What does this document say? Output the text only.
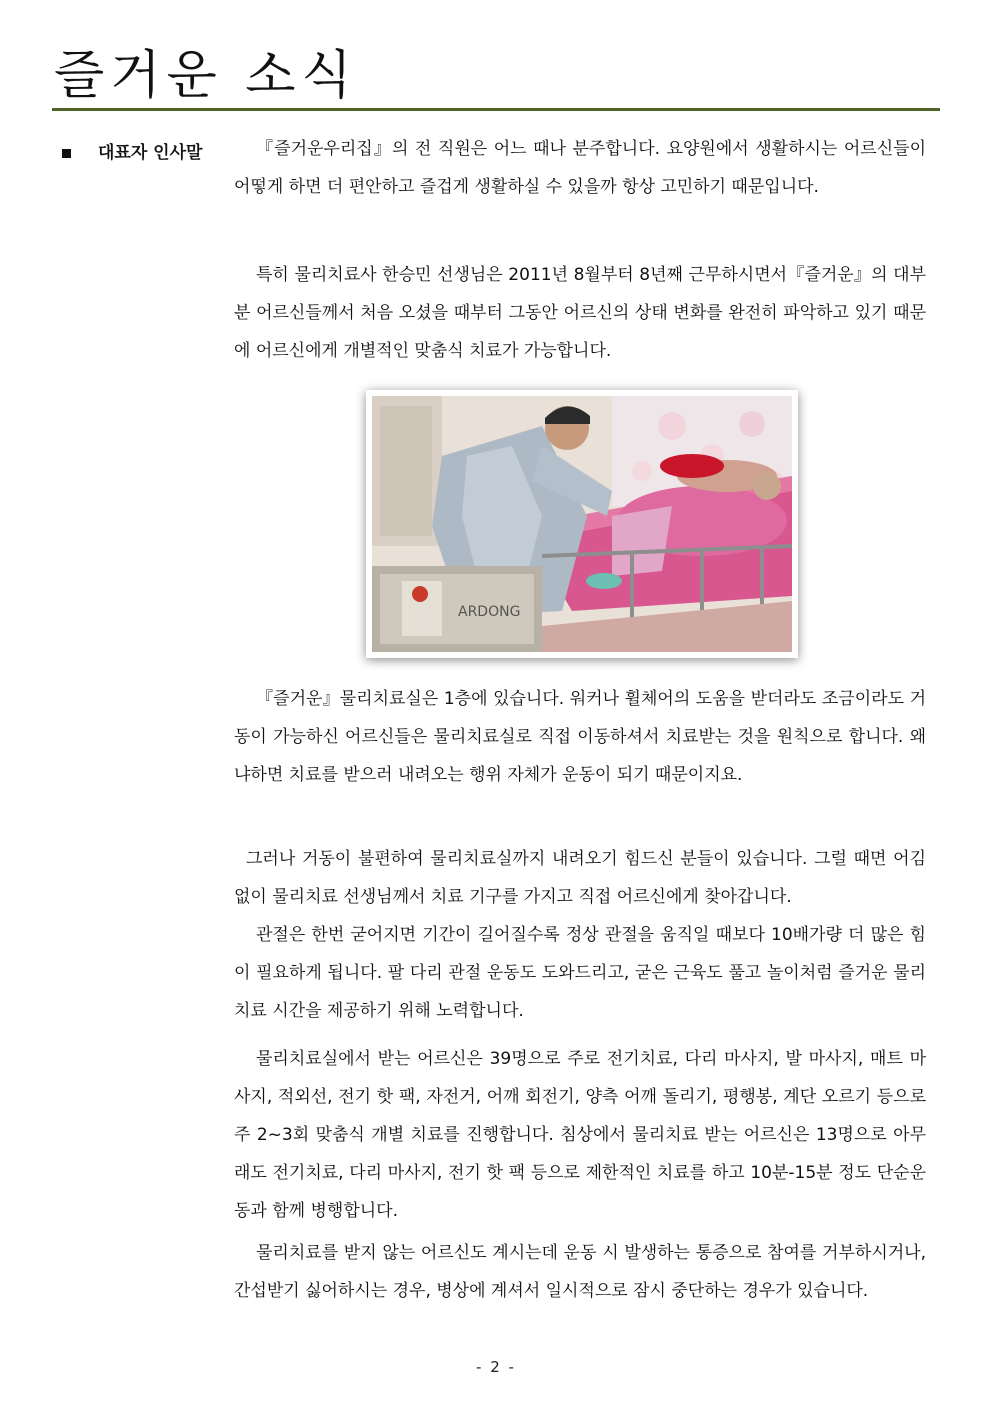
즐거운 소식
대표자 인사말	『즐거운우리집』의 전 직원은 어느 때나 분주합니다. 요양원에서 생활하시는 어르신들이 어떻게 하면 더 편안하고 즐겁게 생활하실 수 있을까 항상 고민하기 때문입니다.

특히 물리치료사 한승민 선생님은 2011년 8월부터 8년째 근무하시면서『즐거운』의 대부분 어르신들께서 처음 오셨을 때부터 그동안 어르신의 상태 변화를 완전히 파악하고 있기 때문에 어르신에게 개별적인 맞춤식 치료가 가능합니다.

ARDONG

『즐거운』물리치료실은 1층에 있습니다. 워커나 휠체어의 도움을 받더라도 조금이라도 거동이 가능하신 어르신들은 물리치료실로 직접 이동하셔서 치료받는 것을 원칙으로 합니다. 왜냐하면 치료를 받으러 내려오는 행위 자체가 운동이 되기 때문이지요.

그러나 거동이 불편하여 물리치료실까지 내려오기 힘드신 분들이 있습니다. 그럴 때면 어김없이 물리치료 선생님께서 치료 기구를 가지고 직접 어르신에게 찾아갑니다.

관절은 한번 굳어지면 기간이 길어질수록 정상 관절을 움직일 때보다 10배가량 더 많은 힘이 필요하게 됩니다. 팔 다리 관절 운동도 도와드리고, 굳은 근육도 풀고 놀이처럼 즐거운 물리치료 시간을 제공하기 위해 노력합니다.

물리치료실에서 받는 어르신은 39명으로 주로 전기치료, 다리 마사지, 발 마사지, 매트 마사지, 적외선, 전기 핫 팩, 자전거, 어깨 회전기, 양측 어깨 돌리기, 평행봉, 계단 오르기 등으로 주 2~3회 맞춤식 개별 치료를 진행합니다. 침상에서 물리치료 받는 어르신은 13명으로 아무래도 전기치료, 다리 마사지, 전기 핫 팩 등으로 제한적인 치료를 하고 10분-15분 정도 단순운동과 함께 병행합니다.

물리치료를 받지 않는 어르신도 계시는데 운동 시 발생하는 통증으로 참여를 거부하시거나, 간섭받기 싫어하시는 경우, 병상에 계셔서 일시적으로 잠시 중단하는 경우가 있습니다.

- 2 -
